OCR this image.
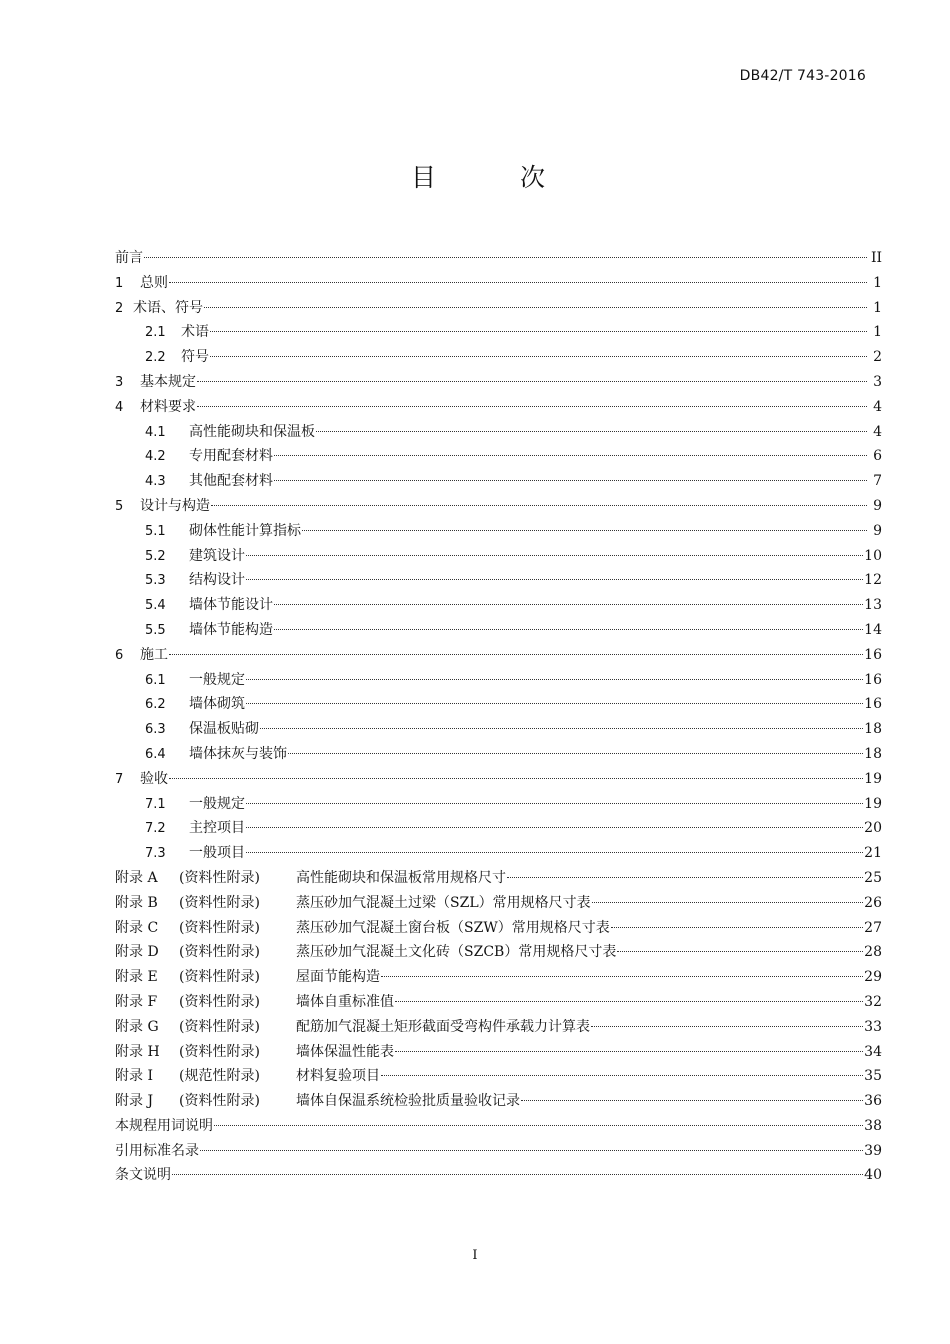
DB42/T 743-2016
目 次
前言	II
1	总则	1
2 术语、符号	1
2.1	术语	1
2.2	符号	2
3	基本规定	3
4	材料要求	4
4.1	高性能砌块和保温板	4
4.2	专用配套材料	6
4.3	其他配套材料	7
5	设计与构造	9
5.1	砌体性能计算指标	9
5.2	建筑设计	10
5.3	结构设计	12
5.4	墙体节能设计	13
5.5	墙体节能构造	14
6	施工	16
6.1	一般规定	16
6.2	墙体砌筑	16
6.3	保温板贴砌	18
6.4	墙体抹灰与装饰	18
7	验收	19
7.1	一般规定	19
7.2	主控项目	20
7.3	一般项目	21
附录 A	(资料性附录)	高性能砌块和保温板常用规格尺寸	25
附录 B	(资料性附录)	蒸压砂加气混凝土过梁（SZL）常用规格尺寸表	26
附录 C	(资料性附录)	蒸压砂加气混凝土窗台板（SZW）常用规格尺寸表	27
附录 D	(资料性附录)	蒸压砂加气混凝土文化砖（SZCB）常用规格尺寸表	28
附录 E	(资料性附录)	屋面节能构造	29
附录 F	(资料性附录)	墙体自重标准值	32
附录 G	(资料性附录)	配筋加气混凝土矩形截面受弯构件承载力计算表	33
附录 H	(资料性附录)	墙体保温性能表	34
附录 I	(规范性附录)	材料复验项目	35
附录 J	(资料性附录)	墙体自保温系统检验批质量验收记录	36
本规程用词说明	38
引用标准名录	39
条文说明	40
I
